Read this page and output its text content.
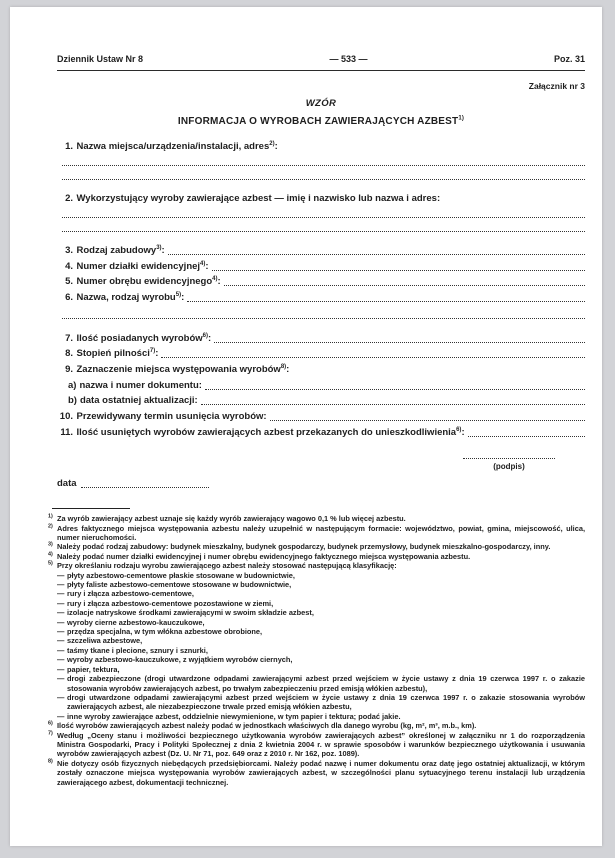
Dziennik Ustaw Nr 8	— 533 —	Poz. 31
Załącznik nr 3
WZÓR
INFORMACJA O WYROBACH ZAWIERAJĄCYCH AZBEST$^{1)}$
1. Nazwa miejsca/urządzenia/instalacji, adres$^{2)}$:
2. Wykorzystujący wyroby zawierające azbest — imię i nazwisko lub nazwa i adres:
3. Rodzaj zabudowy$^{3)}$:
4. Numer działki ewidencyjnej$^{4)}$:
5. Numer obrębu ewidencyjnego$^{4)}$:
6. Nazwa, rodzaj wyrobu$^{5)}$:
7. Ilość posiadanych wyrobów$^{6)}$:
8. Stopień pilności$^{7)}$:
9. Zaznaczenie miejsca występowania wyrobów$^{8)}$:
a) nazwa i numer dokumentu:
b) data ostatniej aktualizacji:
10. Przewidywany termin usunięcia wyrobów:
11. Ilość usuniętych wyrobów zawierających azbest przekazanych do unieszkodliwienia$^{6)}$:
(podpis)
data
$^{1)}$ Za wyrób zawierający azbest uznaje się każdy wyrób zawierający wagowo 0,1 % lub więcej azbestu.
$^{2)}$ Adres faktycznego miejsca występowania azbestu należy uzupełnić w następującym formacie: województwo, powiat, gmina, miejscowość, ulica, numer nieruchomości.
$^{3)}$ Należy podać rodzaj zabudowy: budynek mieszkalny, budynek gospodarczy, budynek przemysłowy, budynek mieszkalno-gospodarczy, inny.
$^{4)}$ Należy podać numer działki ewidencyjnej i numer obrębu ewidencyjnego faktycznego miejsca występowania azbestu.
$^{5)}$ Przy określaniu rodzaju wyrobu zawierającego azbest należy stosować następującą klasyfikację:
— płyty azbestowo-cementowe płaskie stosowane w budownictwie,
— płyty faliste azbestowo-cementowe stosowane w budownictwie,
— rury i złącza azbestowo-cementowe,
— rury i złącza azbestowo-cementowe pozostawione w ziemi,
— izolacje natryskowe środkami zawierającymi w swoim składzie azbest,
— wyroby cierne azbestowo-kauczukowe,
— przędza specjalna, w tym włókna azbestowe obrobione,
— szczeliwa azbestowe,
— taśmy tkane i plecione, sznury i sznurki,
— wyroby azbestowo-kauczukowe, z wyjątkiem wyrobów ciernych,
— papier, tektura,
— drogi zabezpieczone (drogi utwardzone odpadami zawierającymi azbest przed wejściem w życie ustawy z dnia 19 czerwca 1997 r. o zakazie stosowania wyrobów zawierających azbest, po trwałym zabezpieczeniu przed emisją włókien azbestu),
— drogi utwardzone odpadami zawierającymi azbest przed wejściem w życie ustawy z dnia 19 czerwca 1997 r. o zakazie stosowania wyrobów zawierających azbest, ale niezabezpieczone trwale przed emisją włókien azbestu,
— inne wyroby zawierające azbest, oddzielnie niewymienione, w tym papier i tektura; podać jakie.
$^{6)}$ Ilość wyrobów zawierających azbest należy podać w jednostkach właściwych dla danego wyrobu (kg, m², m³, m.b., km).
$^{7)}$ Według „Oceny stanu i możliwości bezpiecznego użytkowania wyrobów zawierających azbest” określonej w załączniku nr 1 do rozporządzenia Ministra Gospodarki, Pracy i Polityki Społecznej z dnia 2 kwietnia 2004 r. w sprawie sposobów i warunków bezpiecznego użytkowania i usuwania wyrobów zawierających azbest (Dz. U. Nr 71, poz. 649 oraz z 2010 r. Nr 162, poz. 1089).
$^{8)}$ Nie dotyczy osób fizycznych niebędących przedsiębiorcami. Należy podać nazwę i numer dokumentu oraz datę jego ostatniej aktualizacji, w którym zostały oznaczone miejsca występowania wyrobów zawierających azbest, w szczególności planu sytuacyjnego terenu instalacji lub urządzenia zawierającego azbest, dokumentacji technicznej.
